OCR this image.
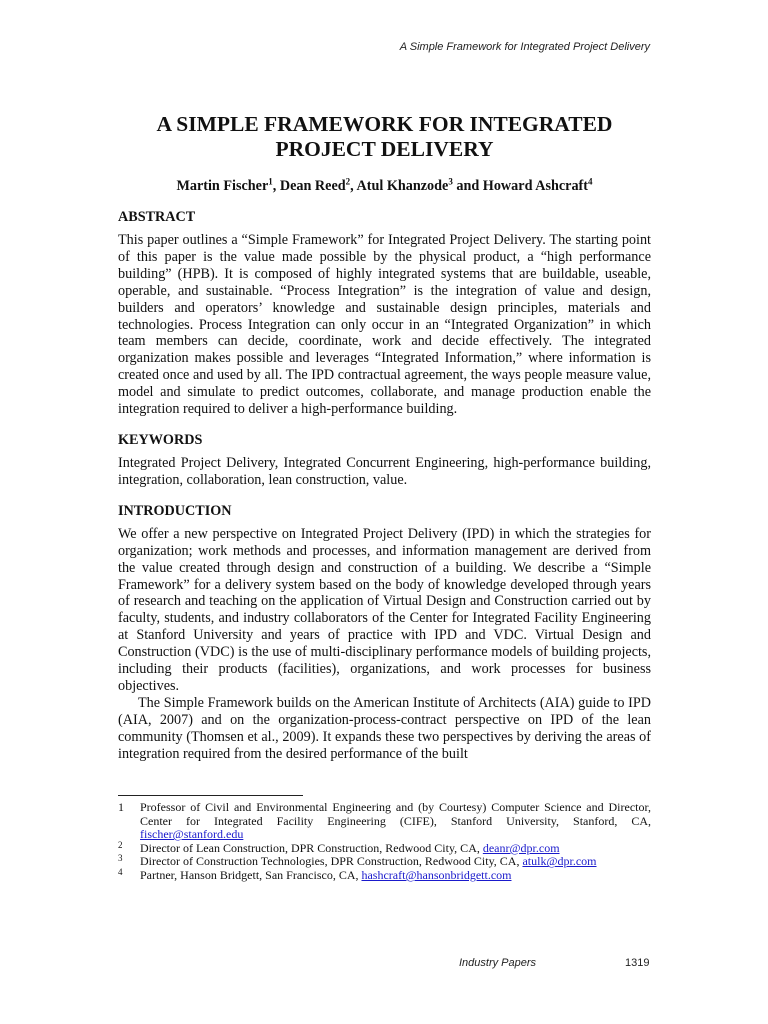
A Simple Framework for Integrated Project Delivery
A SIMPLE FRAMEWORK FOR INTEGRATED PROJECT DELIVERY
Martin Fischer$^1$, Dean Reed$^2$, Atul Khanzode$^3$ and Howard Ashcraft$^4$
ABSTRACT

This paper outlines a “Simple Framework” for Integrated Project Delivery. The starting point of this paper is the value made possible by the physical product, a “high performance building” (HPB). It is composed of highly integrated systems that are buildable, useable, operable, and sustainable. “Process Integration” is the integration of value and design, builders and operators’ knowledge and sustainable design principles, materials and technologies. Process Integration can only occur in an “Integrated Organization” in which team members can decide, coordinate, work and decide effectively. The integrated organization makes possible and leverages “Integrated Information,” where information is created once and used by all. The IPD contractual agreement, the ways people measure value, model and simulate to predict outcomes, collaborate, and manage production enable the integration required to deliver a high-performance building.

KEYWORDS

Integrated Project Delivery, Integrated Concurrent Engineering, high-performance building, integration, collaboration, lean construction, value.

INTRODUCTION

We offer a new perspective on Integrated Project Delivery (IPD) in which the strategies for organization; work methods and processes, and information management are derived from the value created through design and construction of a building. We describe a “Simple Framework” for a delivery system based on the body of knowledge developed through years of research and teaching on the application of Virtual Design and Construction carried out by faculty, students, and industry collaborators of the Center for Integrated Facility Engineering at Stanford University and years of practice with IPD and VDC. Virtual Design and Construction (VDC) is the use of multi-disciplinary performance models of building projects, including their products (facilities), organizations, and work processes for business objectives.

The Simple Framework builds on the American Institute of Architects (AIA) guide to IPD (AIA, 2007) and on the organization-process-contract perspective on IPD of the lean community (Thomsen et al., 2009). It expands these two perspectives by deriving the areas of integration required from the desired performance of the built

1	Professor of Civil and Environmental Engineering and (by Courtesy) Computer Science and Director, Center for Integrated Facility Engineering (CIFE), Stanford University, Stanford, CA, fischer@stanford.edu
2	Director of Lean Construction, DPR Construction, Redwood City, CA, deanr@dpr.com
3	Director of Construction Technologies, DPR Construction, Redwood City, CA, atulk@dpr.com
4	Partner, Hanson Bridgett, San Francisco, CA, hashcraft@hansonbridgett.com
Industry Papers	1319
